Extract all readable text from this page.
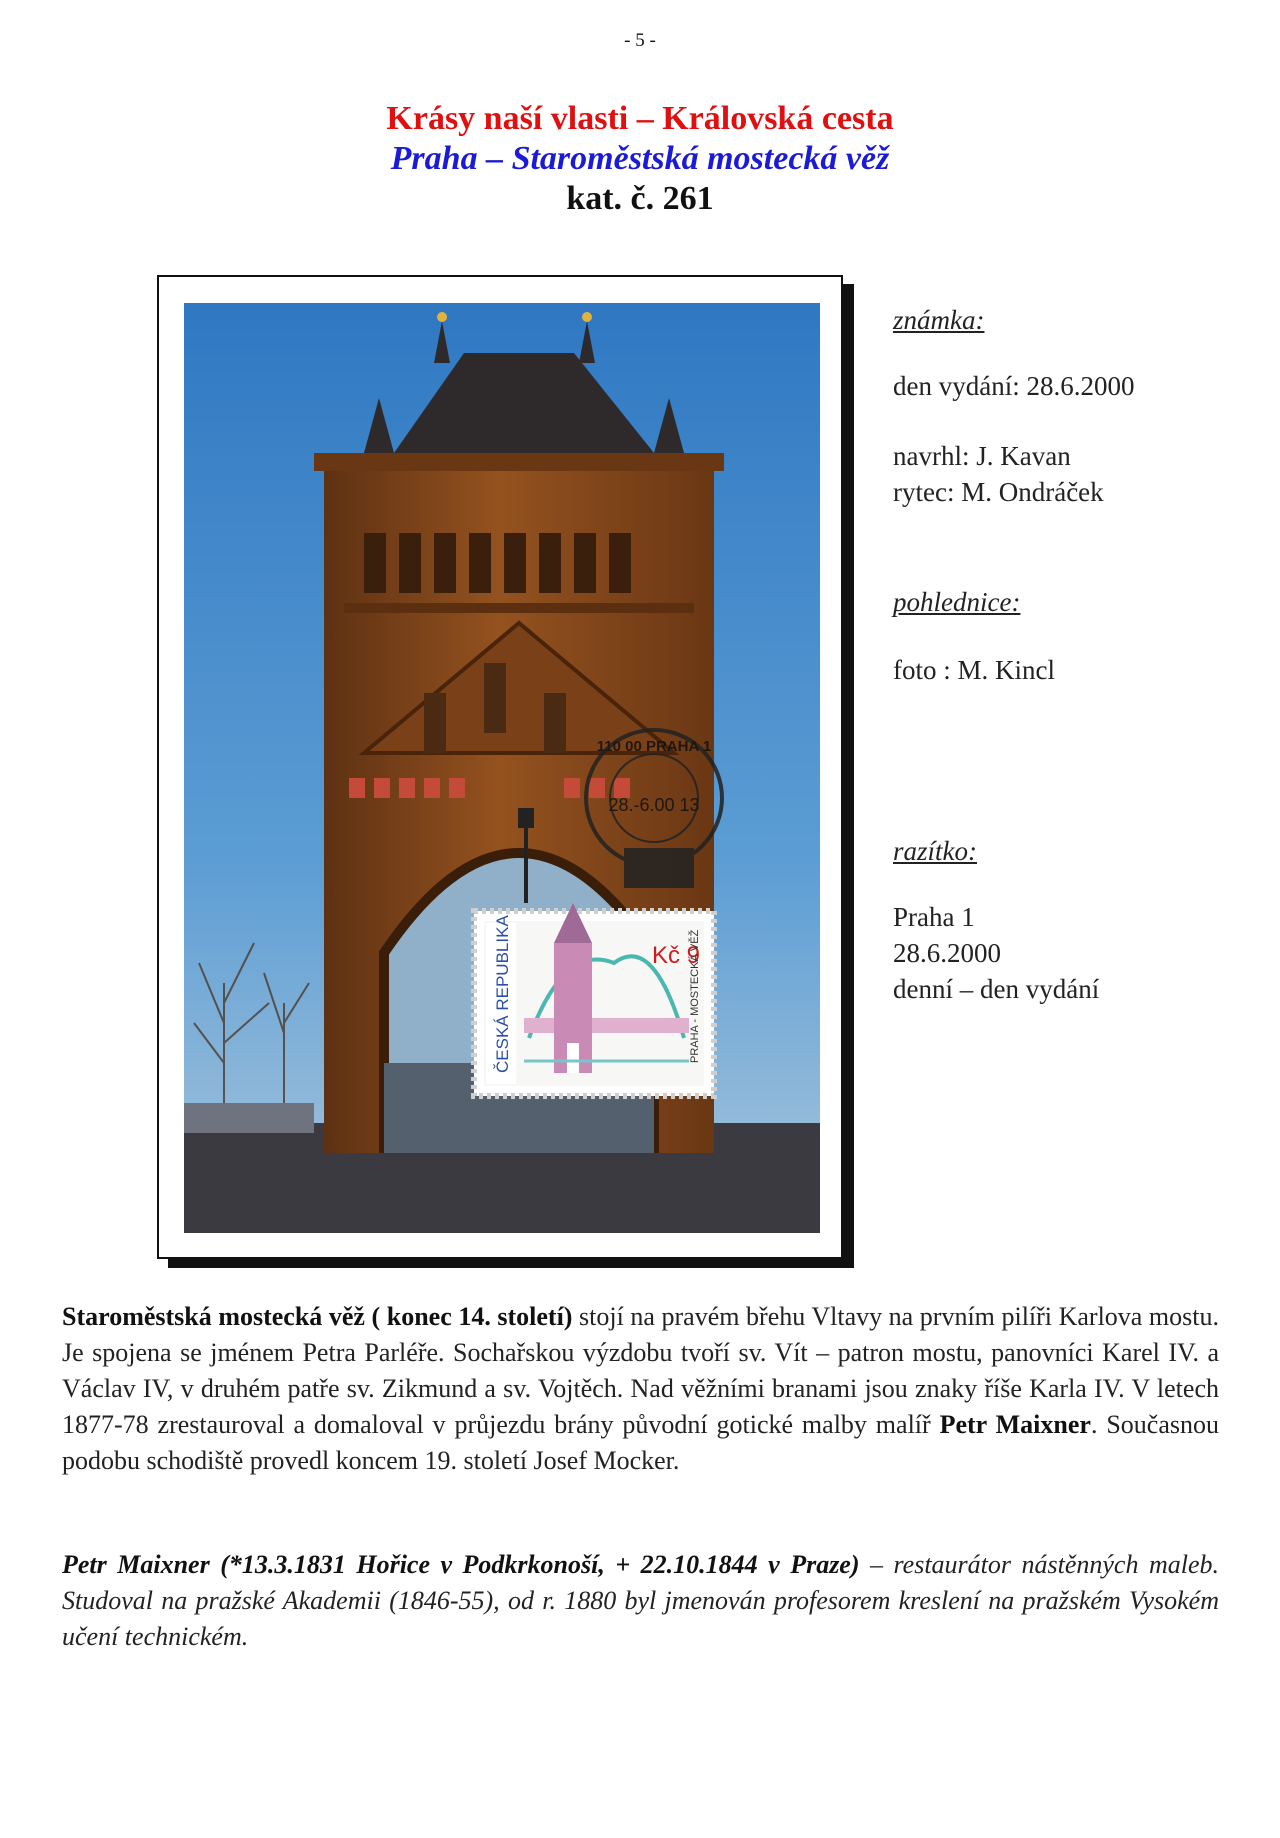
- 5 -
Krásy naší vlasti – Královská cesta
Praha – Staroměstská mostecká věž
kat. č. 261
28.-6.00 13
110 00 PRAHA 1
ČESKÁ REPUBLIKA	Kč 9
PRAHA - MOSTECKÁ VĚŽ
známka:
den vydání: 28.6.2000
navrhl: J. Kavan
rytec: M. Ondráček
pohlednice:
foto : M. Kincl
razítko:
Praha 1
28.6.2000
denní – den vydání
Staroměstská mostecká věž ( konec 14. století) stojí na pravém břehu Vltavy na prvním pilíři Karlova mostu. Je spojena se jménem Petra Parléře. Sochařskou výzdobu tvoří sv. Vít – patron mostu, panovníci Karel IV. a Václav IV, v druhém patře sv. Zikmund a sv. Vojtěch. Nad věžními branami jsou znaky říše Karla IV. V letech 1877-78 zrestauroval a domaloval v průjezdu brány původní gotické malby malíř Petr Maixner. Současnou podobu schodiště provedl koncem 19. století Josef Mocker.
Petr Maixner (*13.3.1831 Hořice v Podkrkonoší, + 22.10.1844 v Praze) – restaurátor nástěnných maleb. Studoval na pražské Akademii (1846-55), od r. 1880 byl jmenován profesorem kreslení na pražském Vysokém učení technickém.
